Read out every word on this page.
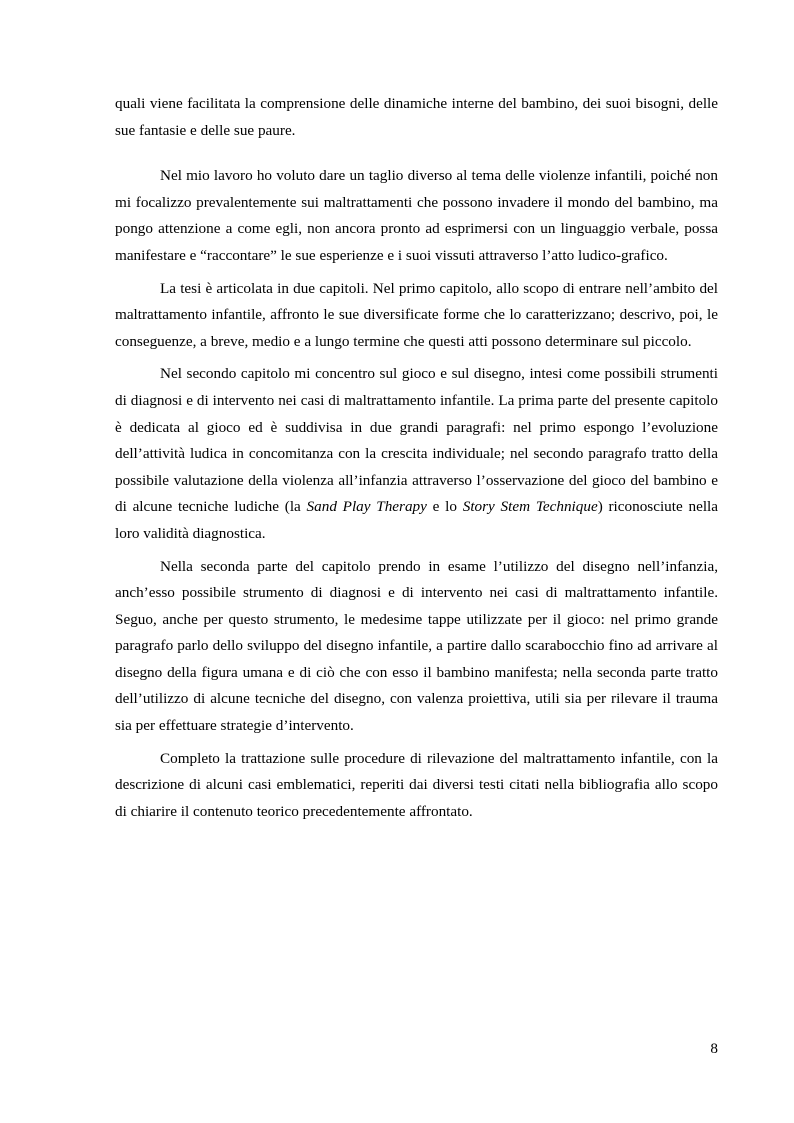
quali viene facilitata la comprensione delle dinamiche interne del bambino, dei suoi bisogni, delle sue fantasie e delle sue paure.

Nel mio lavoro ho voluto dare un taglio diverso al tema delle violenze infantili, poiché non mi focalizzo prevalentemente sui maltrattamenti che possono invadere il mondo del bambino, ma pongo attenzione a come egli, non ancora pronto ad esprimersi con un linguaggio verbale, possa manifestare e “raccontare” le sue esperienze e i suoi vissuti attraverso l’atto ludico-grafico.

La tesi è articolata in due capitoli. Nel primo capitolo, allo scopo di entrare nell’ambito del maltrattamento infantile, affronto le sue diversificate forme che lo caratterizzano; descrivo, poi, le conseguenze, a breve, medio e a lungo termine che questi atti possono determinare sul piccolo.

Nel secondo capitolo mi concentro sul gioco e sul disegno, intesi come possibili strumenti di diagnosi e di intervento nei casi di maltrattamento infantile. La prima parte del presente capitolo è dedicata al gioco ed è suddivisa in due grandi paragrafi: nel primo espongo l’evoluzione dell’attività ludica in concomitanza con la crescita individuale; nel secondo paragrafo tratto della possibile valutazione della violenza all’infanzia attraverso l’osservazione del gioco del bambino e di alcune tecniche ludiche (la Sand Play Therapy e lo Story Stem Technique) riconosciute nella loro validità diagnostica.

Nella seconda parte del capitolo prendo in esame l’utilizzo del disegno nell’infanzia, anch’esso possibile strumento di diagnosi e di intervento nei casi di maltrattamento infantile. Seguo, anche per questo strumento, le medesime tappe utilizzate per il gioco: nel primo grande paragrafo parlo dello sviluppo del disegno infantile, a partire dallo scarabocchio fino ad arrivare al disegno della figura umana e di ciò che con esso il bambino manifesta; nella seconda parte tratto dell’utilizzo di alcune tecniche del disegno, con valenza proiettiva, utili sia per rilevare il trauma sia per effettuare strategie d’intervento.

Completo la trattazione sulle procedure di rilevazione del maltrattamento infantile, con la descrizione di alcuni casi emblematici, reperiti dai diversi testi citati nella bibliografia allo scopo di chiarire il contenuto teorico precedentemente affrontato.

8
